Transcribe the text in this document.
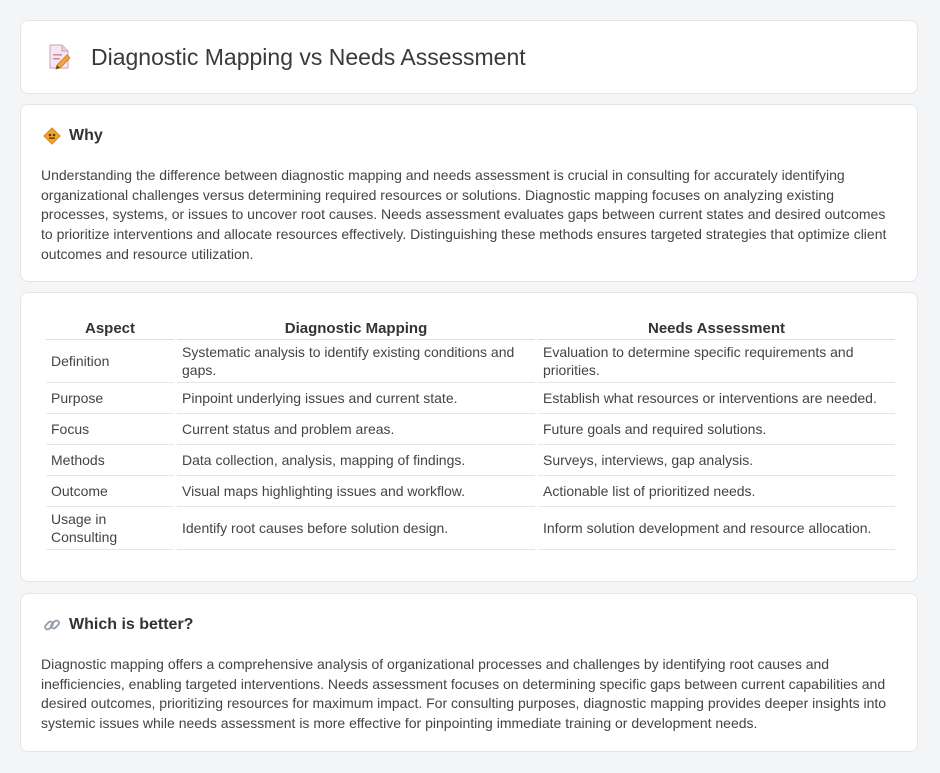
Diagnostic Mapping vs Needs Assessment
Why

Understanding the difference between diagnostic mapping and needs assessment is crucial in consulting for accurately identifying organizational challenges versus determining required resources or solutions. Diagnostic mapping focuses on analyzing existing processes, systems, or issues to uncover root causes. Needs assessment evaluates gaps between current states and desired outcomes to prioritize interventions and allocate resources effectively. Distinguishing these methods ensures targeted strategies that optimize client outcomes and resource utilization.

Aspect	Diagnostic Mapping	Needs Assessment
Definition	Systematic analysis to identify existing conditions and gaps.	Evaluation to determine specific requirements and priorities.
Purpose	Pinpoint underlying issues and current state.	Establish what resources or interventions are needed.
Focus	Current status and problem areas.	Future goals and required solutions.
Methods	Data collection, analysis, mapping of findings.	Surveys, interviews, gap analysis.
Outcome	Visual maps highlighting issues and workflow.	Actionable list of prioritized needs.
Usage in Consulting	Identify root causes before solution design.	Inform solution development and resource allocation.
Which is better?

Diagnostic mapping offers a comprehensive analysis of organizational processes and challenges by identifying root causes and inefficiencies, enabling targeted interventions. Needs assessment focuses on determining specific gaps between current capabilities and desired outcomes, prioritizing resources for maximum impact. For consulting purposes, diagnostic mapping provides deeper insights into systemic issues while needs assessment is more effective for pinpointing immediate training or development needs.
